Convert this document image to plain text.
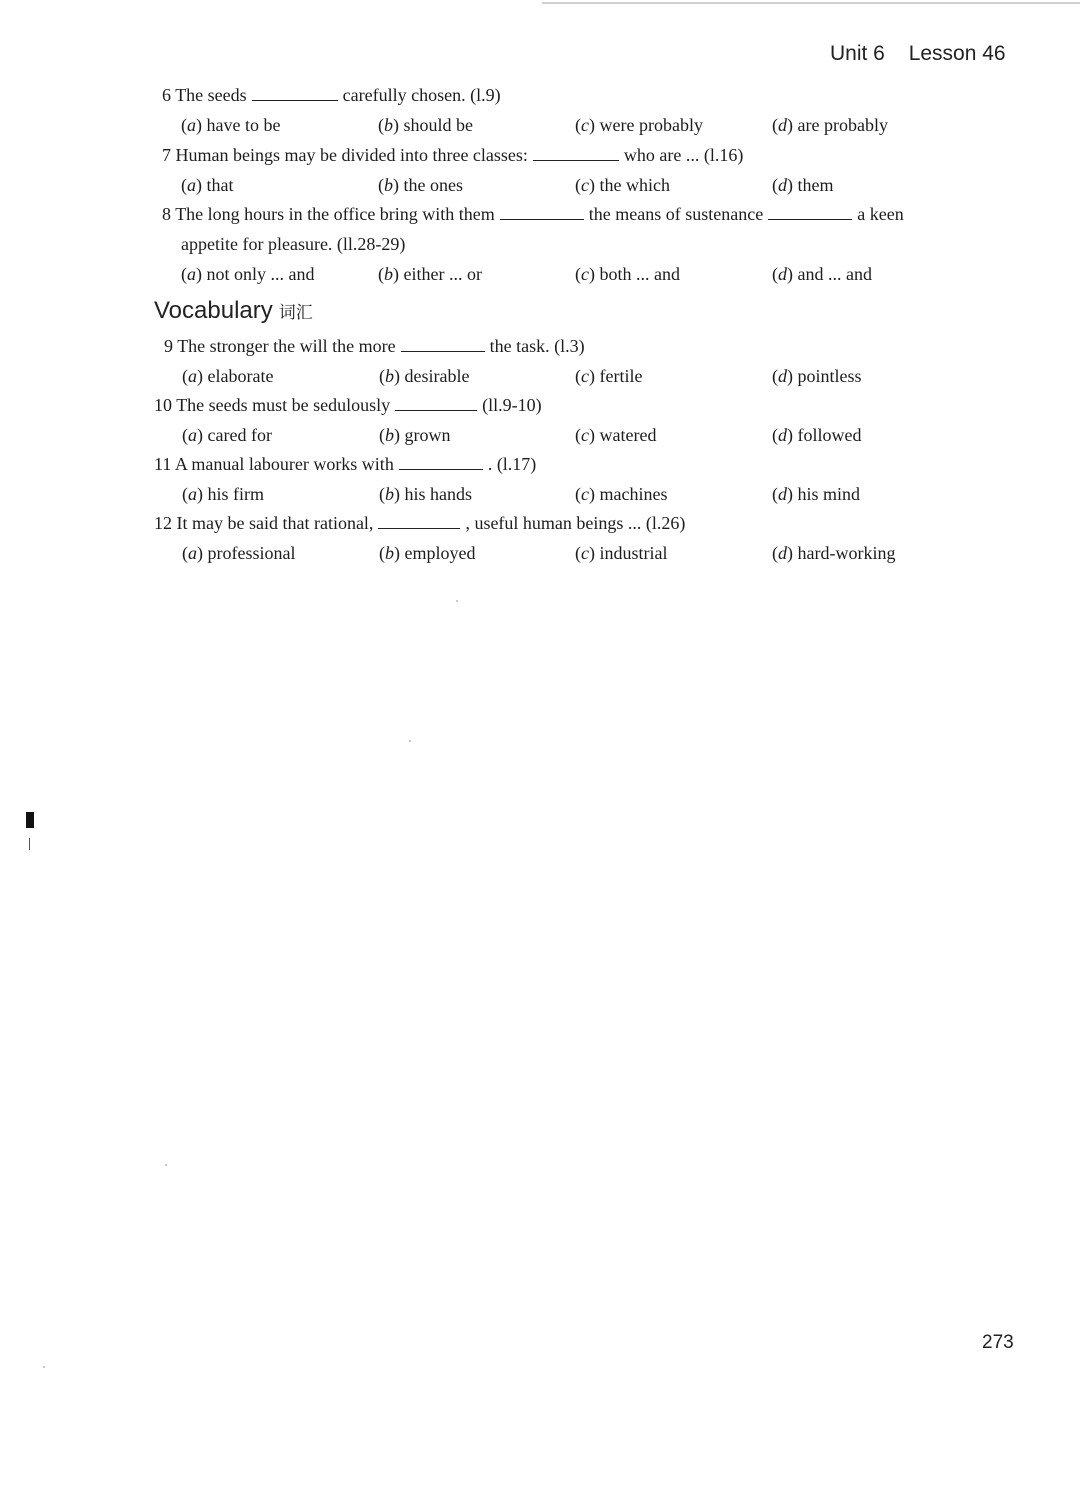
Unit 6 Lesson 46
6 The seeds	carefully chosen. (l.9)
(a) have to be	(b) should be	(c) were probably	(d) are probably
7 Human beings may be divided into three classes:	who are ... (l.16)
(a) that	(b) the ones	(c) the which	(d) them
8 The long hours in the office bring with them	the means of sustenance	a keen
appetite for pleasure. (ll.28-29)
(a) not only ... and	(b) either ... or	(c) both ... and	(d) and ... and
Vocabulary 词汇
9 The stronger the will the more	the task. (l.3)
(a) elaborate	(b) desirable	(c) fertile	(d) pointless
10 The seeds must be sedulously	(ll.9-10)
(a) cared for	(b) grown	(c) watered	(d) followed
11 A manual labourer works with	. (l.17)
(a) his firm	(b) his hands	(c) machines	(d) his mind
12 It may be said that rational,	, useful human beings ... (l.26)
(a) professional	(b) employed	(c) industrial	(d) hard-working
273
